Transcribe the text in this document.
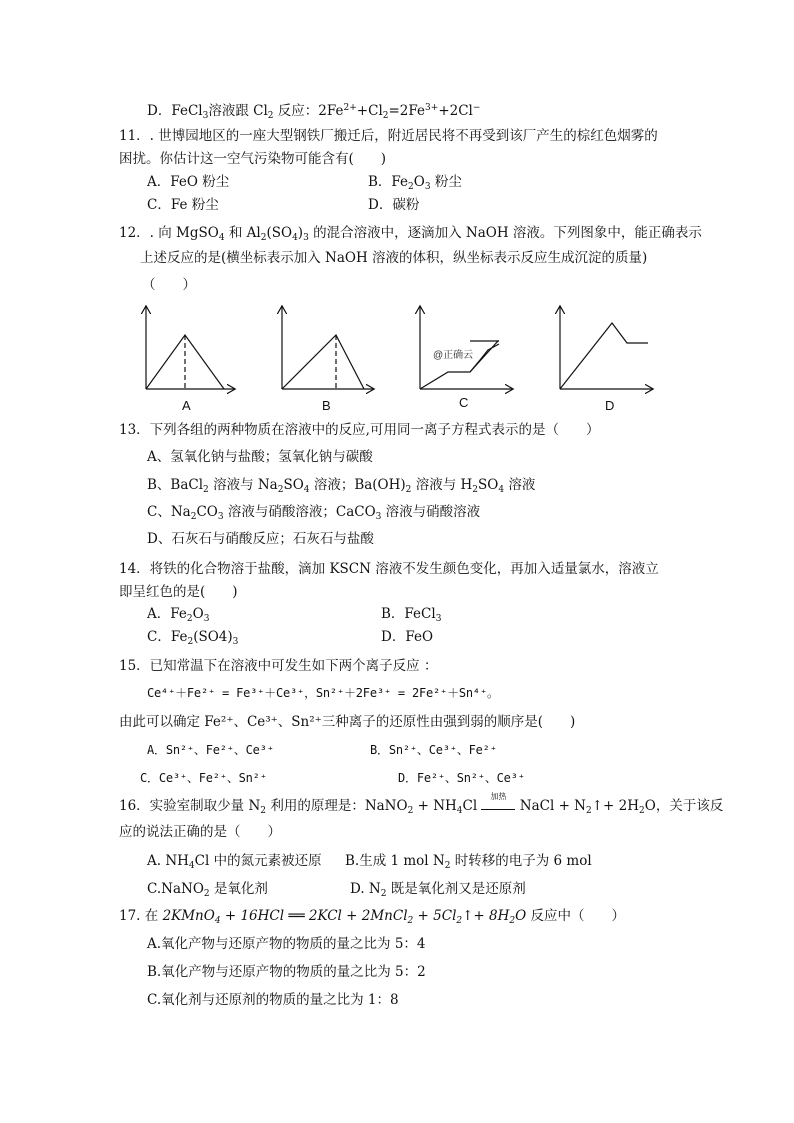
D．FeCl$_3$溶液跟 $Cl_2$ 反应：$2Fe^{2+}+Cl_2=2Fe^{3+}+2Cl^-$
11．. 世博园地区的一座大型钢铁厂搬迁后，附近居民将不再受到该厂产生的棕红色烟雾的
困扰。你估计这一空气污染物可能含有(　　)
A．FeO 粉尘	B．$Fe_2O_3$ 粉尘
C．Fe 粉尘	D．碳粉
12．. 向 MgSO$_4$ 和 $Al_2(SO_4)_3$ 的混合溶液中，逐滴加入 NaOH 溶液。下列图象中，能正确表示
上述反应的是(横坐标表示加入 NaOH 溶液的体积，纵坐标表示反应生成沉淀的质量)
（　　）
A	B
@正确云
C	D
13．下列各组的两种物质在溶液中的反应,可用同一离子方程式表示的是（　　）
A、氢氧化钠与盐酸；氢氧化钠与碳酸
B、BaCl$_2$ 溶液与 $Na_2SO_4$ 溶液；$Ba(OH)_2$ 溶液与 $H_2SO_4$ 溶液
C、$Na_2CO_3$ 溶液与硝酸溶液；CaCO$_3$ 溶液与硝酸溶液
D、石灰石与硝酸反应；石灰石与盐酸
14．将铁的化合物溶于盐酸，滴加 KSCN 溶液不发生颜色变化，再加入适量氯水，溶液立
即呈红色的是(　　)
A．$Fe_2O_3$	B．FeCl$_3$
C．$Fe_2(SO4)_3$	D．FeO
15．已知常温下在溶液中可发生如下两个离子反应 ：
Ce⁴⁺＋Fe²⁺ = Fe³⁺＋Ce³⁺，Sn²⁺＋2Fe³⁺ = 2Fe²⁺＋Sn⁴⁺。
由此可以确定 Fe²⁺、Ce³⁺、Sn²⁺三种离子的还原性由强到弱的顺序是(　　)
A．Sn²⁺、Fe²⁺、Ce³⁺	B．Sn²⁺、Ce³⁺、Fe²⁺
C．Ce³⁺、Fe²⁺、Sn²⁺	D．Fe²⁺、Sn²⁺、Ce³⁺
16．实验室制取少量 $N_2$ 利用的原理是：NaNO$_2$ + $NH_4Cl$
加热
NaCl + $N_2↑+ 2H_2O$，关于该反
应的说法正确的是（　　）
A. $NH_4Cl$ 中的氮元素被还原 B.生成 1 mol $N_2$ 时转移的电子为 6 mol
C.NaNO$_2$ 是氧化剂	D. $N_2$ 既是氧化剂又是还原剂
17. 在 2KMnO$_4$ + 16HCl ══ 2KCl + 2MnCl$_2$ + $5Cl_2↑+ 8H_2O$ 反应中（　　）
A.氧化产物与还原产物的物质的量之比为 5：4
B.氧化产物与还原产物的物质的量之比为 5：2
C.氧化剂与还原剂的物质的量之比为 1：8
